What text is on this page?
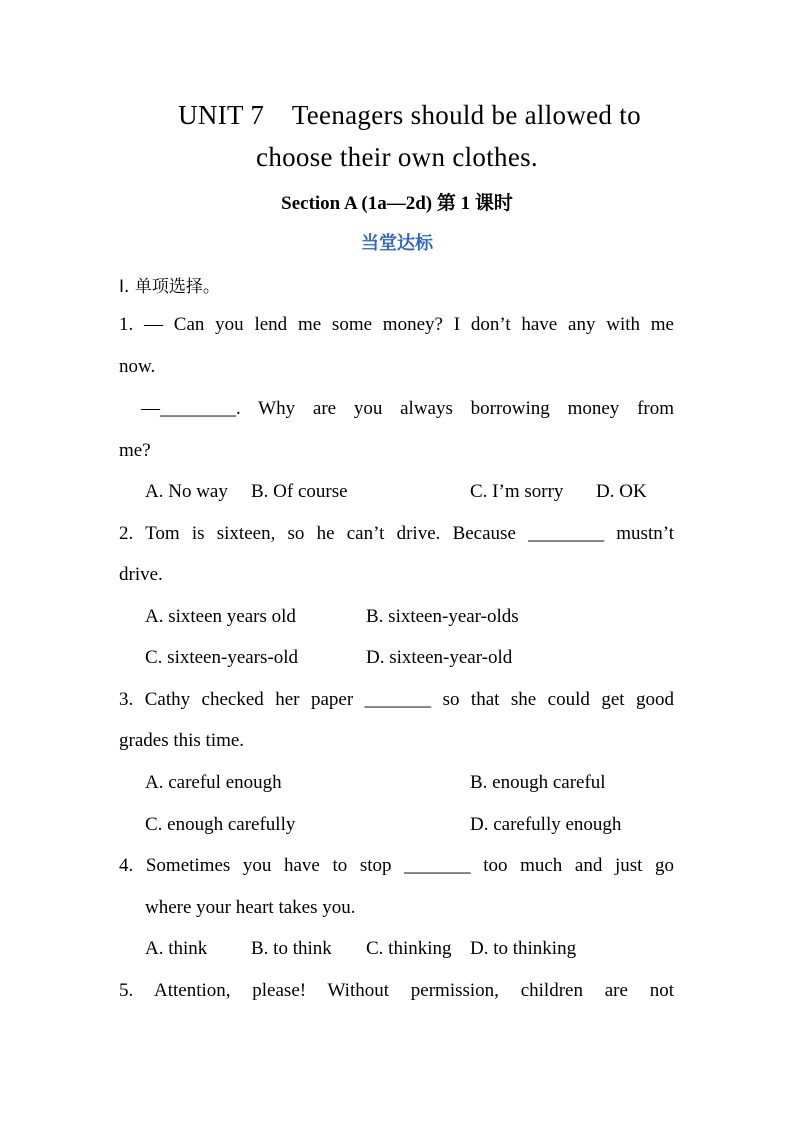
UNIT 7    Teenagers should be allowed to
choose their own clothes.
Section A (1a—2d) 第 1 课时
当堂达标
Ⅰ. 单项选择。
1. — Can you lend me some money? I don’t have any with me
now.
—________. Why are you always borrowing money from
me?
A. No way B. Of course	C. I’m sorry D. OK
2. Tom is sixteen, so he can’t drive. Because ________ mustn’t
drive.
A. sixteen years old	B. sixteen-year-olds
C. sixteen-years-old	D. sixteen-year-old
3. Cathy checked her paper _______ so that she could get good
grades this time.
A. careful enough	B. enough careful
C. enough carefully	D. carefully enough
4. Sometimes you have to stop _______ too much and just go
where your heart takes you.
A. think B. to think C. thinking D. to thinking
5. Attention, please! Without permission, children are not
